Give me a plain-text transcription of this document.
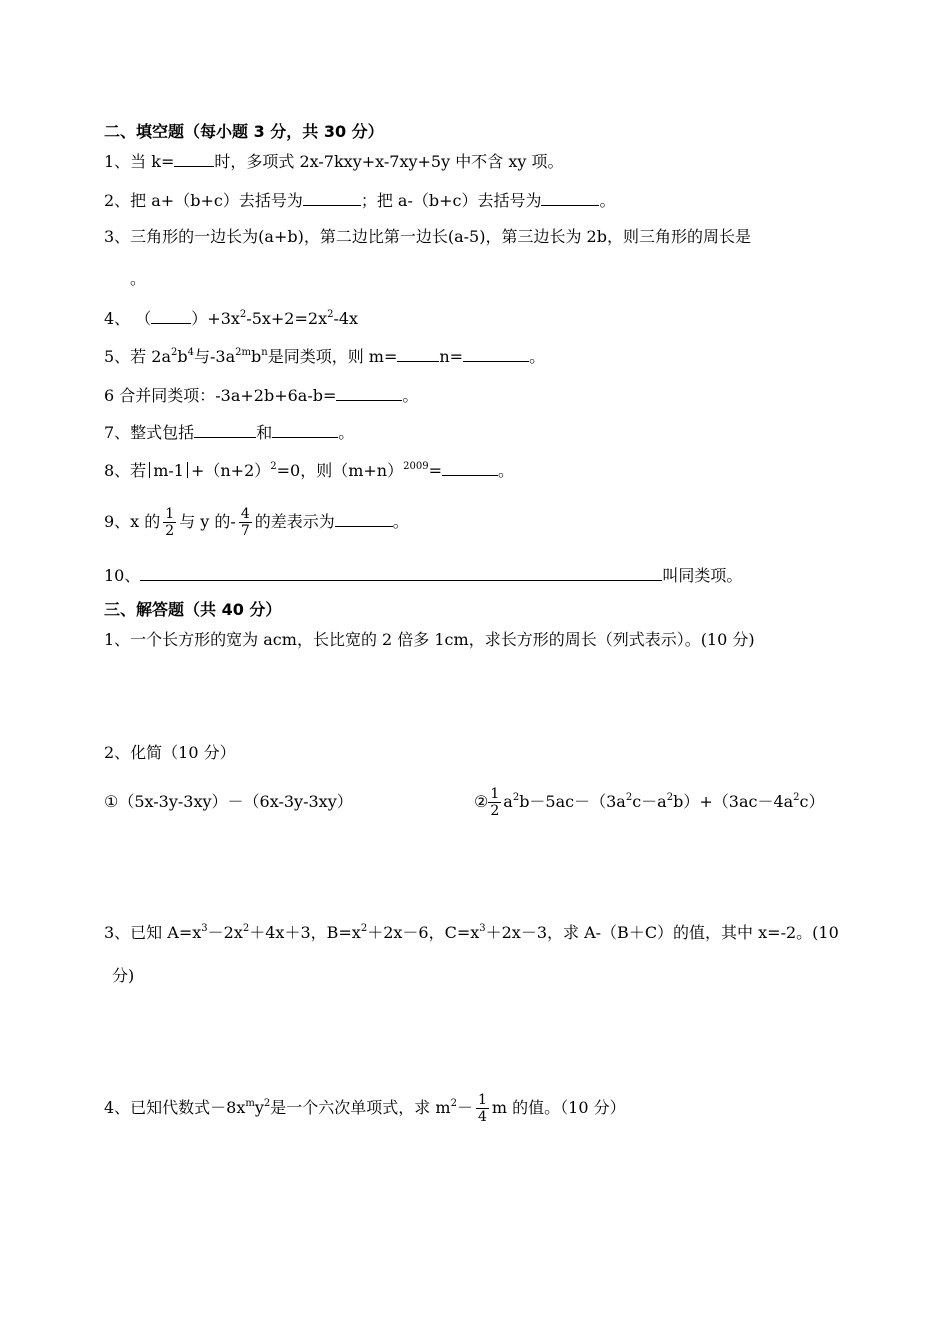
二、填空题（每小题 3 分，共 30 分）
1、当 k=	时，多项式 2x-7kxy+x-7xy+5y 中不含 xy 项。
2、把 a+（b+c）去括号为	；把 a-（b+c）去括号为	。
3、三角形的一边长为(a+b)，第二边比第一边长(a-5)，第三边长为 2b，则三角形的周长是
。
4、 （	）$+3x^2-5x+2=2x^2-4x$
5、若 $2a^2b^4$与$-3a^{2m}b^n$是同类项，则 m=	n=	。
6 合并同类项：-3a+2b+6a-b=	。
7、整式包括	和	。
8、若 $m-1 +(n+2)^2=0$，则$(m+n)^{2009}=$	。
9、x 的 $\frac{1}{2}$ 与 y 的- $\frac{4}{7}$ 的差表示为	。
10、	叫同类项。
三、解答题（共 40 分）
1、一个长方形的宽为 acm，长比宽的 2 倍多 1cm，求长方形的周长（列式表示）。(10 分)
2、化简（10 分）
①（5x-3y-3xy）－（6x-3y-3xy）	② $\frac{1}{2} a^2b-5ac-(3a^2c-a^2b)+(3ac-4a^2c)$
3、已知 $A=x^3-2x^2+4x+3$，$B=x^2+2x-6$，$C=x^3+2x-3$，求 A-（B＋C）的值，其中 x=-2。(10
分)
4、已知代数式$-8x^my^2$是一个六次单项式，求 $m^2- \frac{1}{4}$ m 的值。（10 分）
